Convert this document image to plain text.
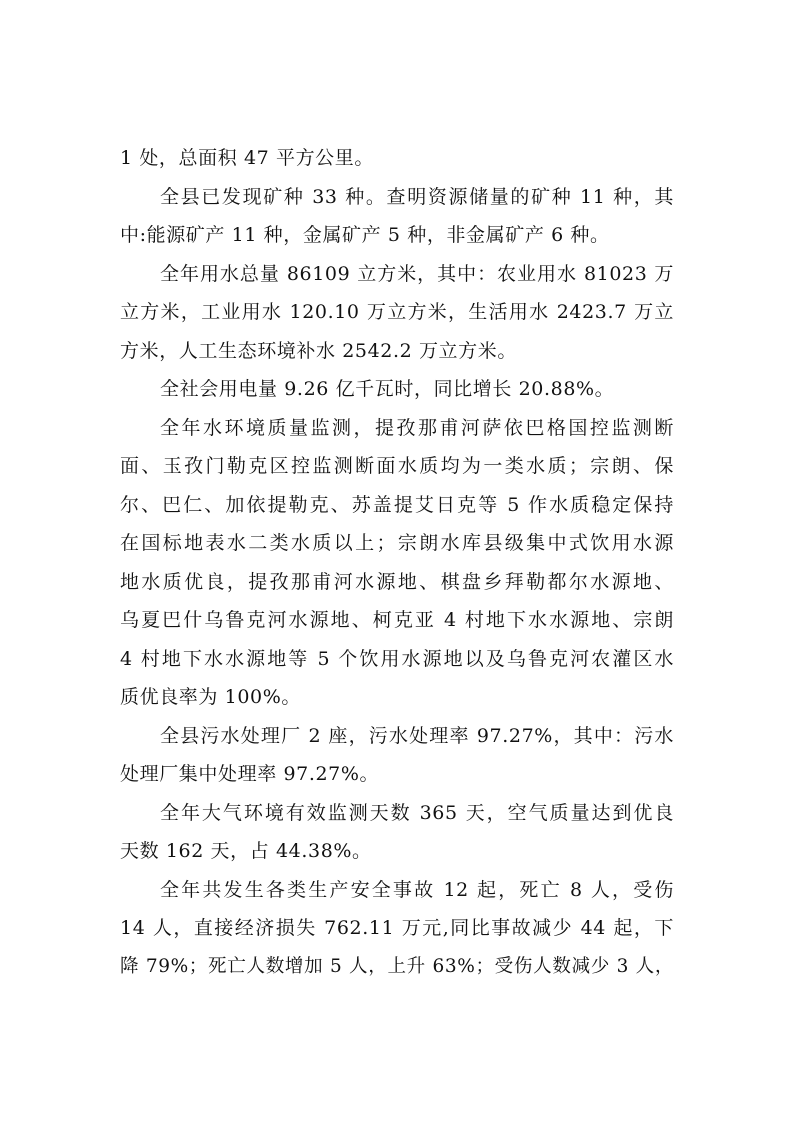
1 处，总面积 47 平方公里。

全县已发现矿种 33 种。查明资源储量的矿种 11 种，其
中:能源矿产 11 种，金属矿产 5 种，非金属矿产 6 种。

全年用水总量 86109 立方米，其中：农业用水 81023 万
立方米，工业用水 120.10 万立方米，生活用水 2423.7 万立
方米，人工生态环境补水 2542.2 万立方米。

全社会用电量 9.26 亿千瓦时，同比增长 20.88%。

全年水环境质量监测，提孜那甫河萨依巴格国控监测断
面、玉孜门勒克区控监测断面水质均为一类水质；宗朗、保
尔、巴仁、加依提勒克、苏盖提艾日克等 5 作水质稳定保持
在国标地表水二类水质以上；宗朗水库县级集中式饮用水源
地水质优良，提孜那甫河水源地、棋盘乡拜勒都尔水源地、
乌夏巴什乌鲁克河水源地、柯克亚 4 村地下水水源地、宗朗
4 村地下水水源地等 5 个饮用水源地以及乌鲁克河农灌区水
质优良率为 100%。

全县污水处理厂 2 座，污水处理率 97.27%，其中：污水
处理厂集中处理率 97.27%。

全年大气环境有效监测天数 365 天，空气质量达到优良
天数 162 天，占 44.38%。

全年共发生各类生产安全事故 12 起，死亡 8 人，受伤
14 人，直接经济损失 762.11 万元,同比事故减少 44 起，下
降 79%；死亡人数增加 5 人，上升 63%；受伤人数减少 3 人，
